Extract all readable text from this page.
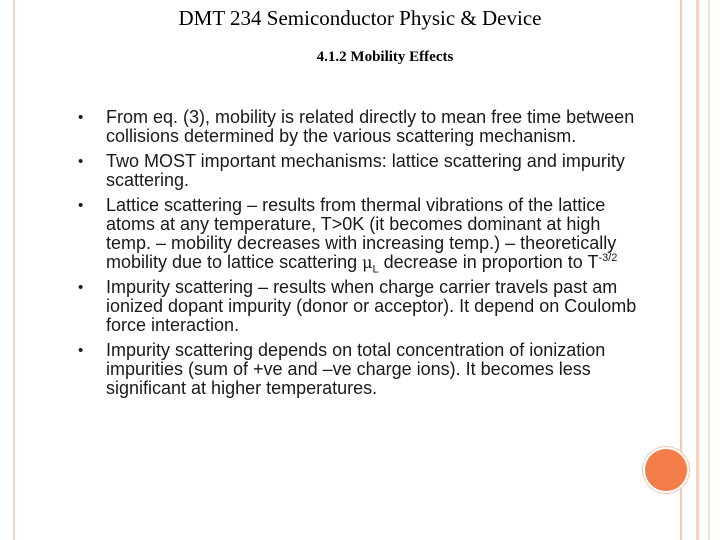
DMT 234 Semiconductor Physic & Device
4.1.2 Mobility Effects
•	From eq. (3), mobility is related directly to mean free time between collisions determined by the various scattering mechanism.
•	Two MOST important mechanisms: lattice scattering and impurity scattering.
•	Lattice scattering – results from thermal vibrations of the lattice atoms at any temperature, T>0K (it becomes dominant at high temp. – mobility decreases with increasing temp.) – theoretically mobility due to lattice scattering $\mu_L$ decrease in proportion to $T^{-3/2}$
•	Impurity scattering – results when charge carrier travels past am ionized dopant impurity (donor or acceptor). It depend on Coulomb force interaction.
•	Impurity scattering depends on total concentration of ionization impurities (sum of +ve and –ve charge ions). It becomes less significant at higher temperatures.
